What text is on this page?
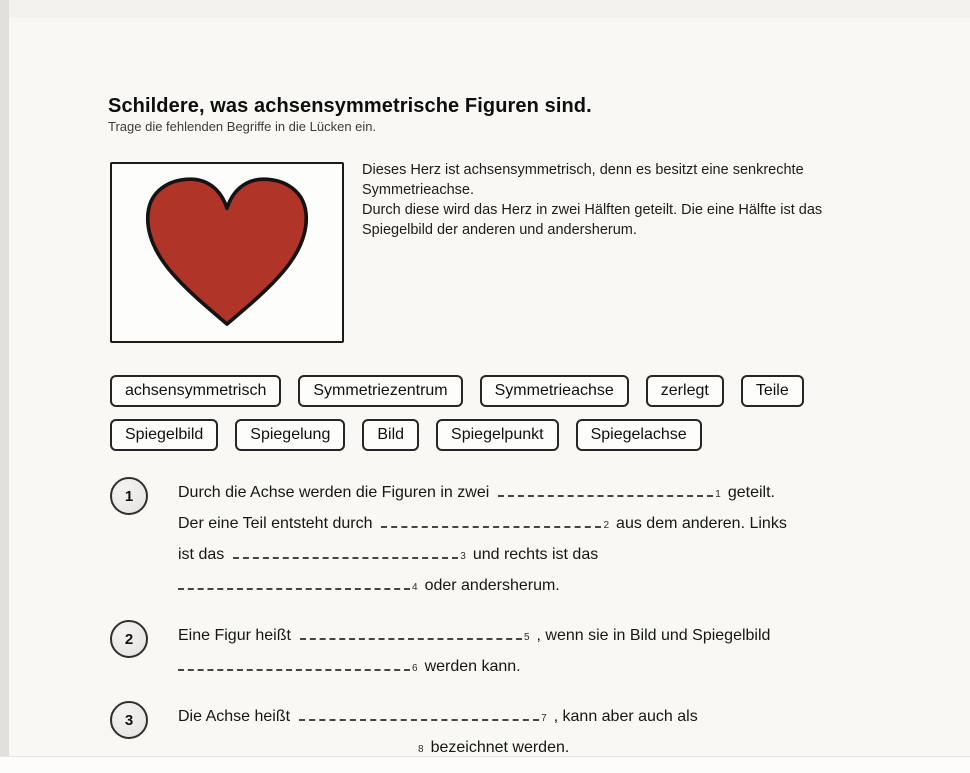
Schildere, was achsensymmetrische Figuren sind.
Trage die fehlenden Begriffe in die Lücken ein.
Dieses Herz ist achsensymmetrisch, denn es besitzt eine senkrechte
Symmetrieachse.
Durch diese wird das Herz in zwei Hälften geteilt. Die eine Hälfte ist das
Spiegelbild der anderen und andersherum.
achsensymmetrisch	Symmetriezentrum	Symmetrieachse	zerlegt	Teile
Spiegelbild	Spiegelung	Bild	Spiegelpunkt	Spiegelachse
1	Durch die Achse werden die Figuren in zwei	1 geteilt.
Der eine Teil entsteht durch	2 aus dem anderen. Links
ist das	3 und rechts ist das
4 oder andersherum.
2	Eine Figur heißt	5 , wenn sie in Bild und Spiegelbild
6 werden kann.
3	Die Achse heißt	7 , kann aber auch als
8 bezeichnet werden.
